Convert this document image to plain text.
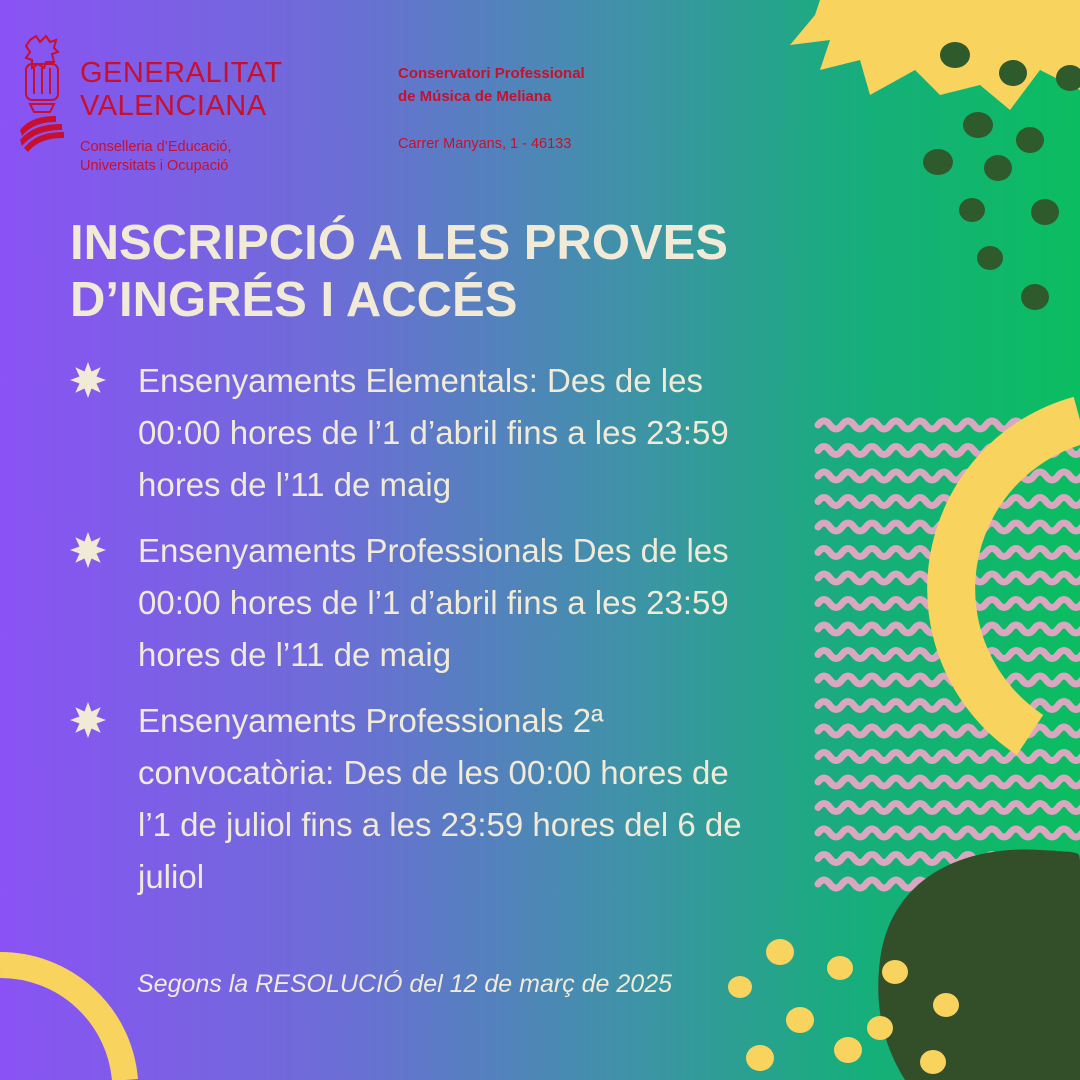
GENERALITAT
VALENCIANA
Conselleria d’Educació,
Universitats i Ocupació
Conservatori Professional
de Música de Meliana
Carrer Manyans, 1 - 46133
INSCRIPCIÓ A LES PROVES
D’INGRÉS I ACCÉS
Ensenyaments Elementals: Des de les 00:00 hores de l’1 d’abril fins a les 23:59 hores de l’11 de maig
Ensenyaments Professionals Des de les 00:00 hores de l’1 d’abril fins a les 23:59 hores de l’11 de maig
Ensenyaments Professionals 2ª convocatòria: Des de les 00:00 hores de l’1 de juliol fins a les 23:59 hores del 6 de juliol
Segons la RESOLUCIÓ del 12 de març de 2025
